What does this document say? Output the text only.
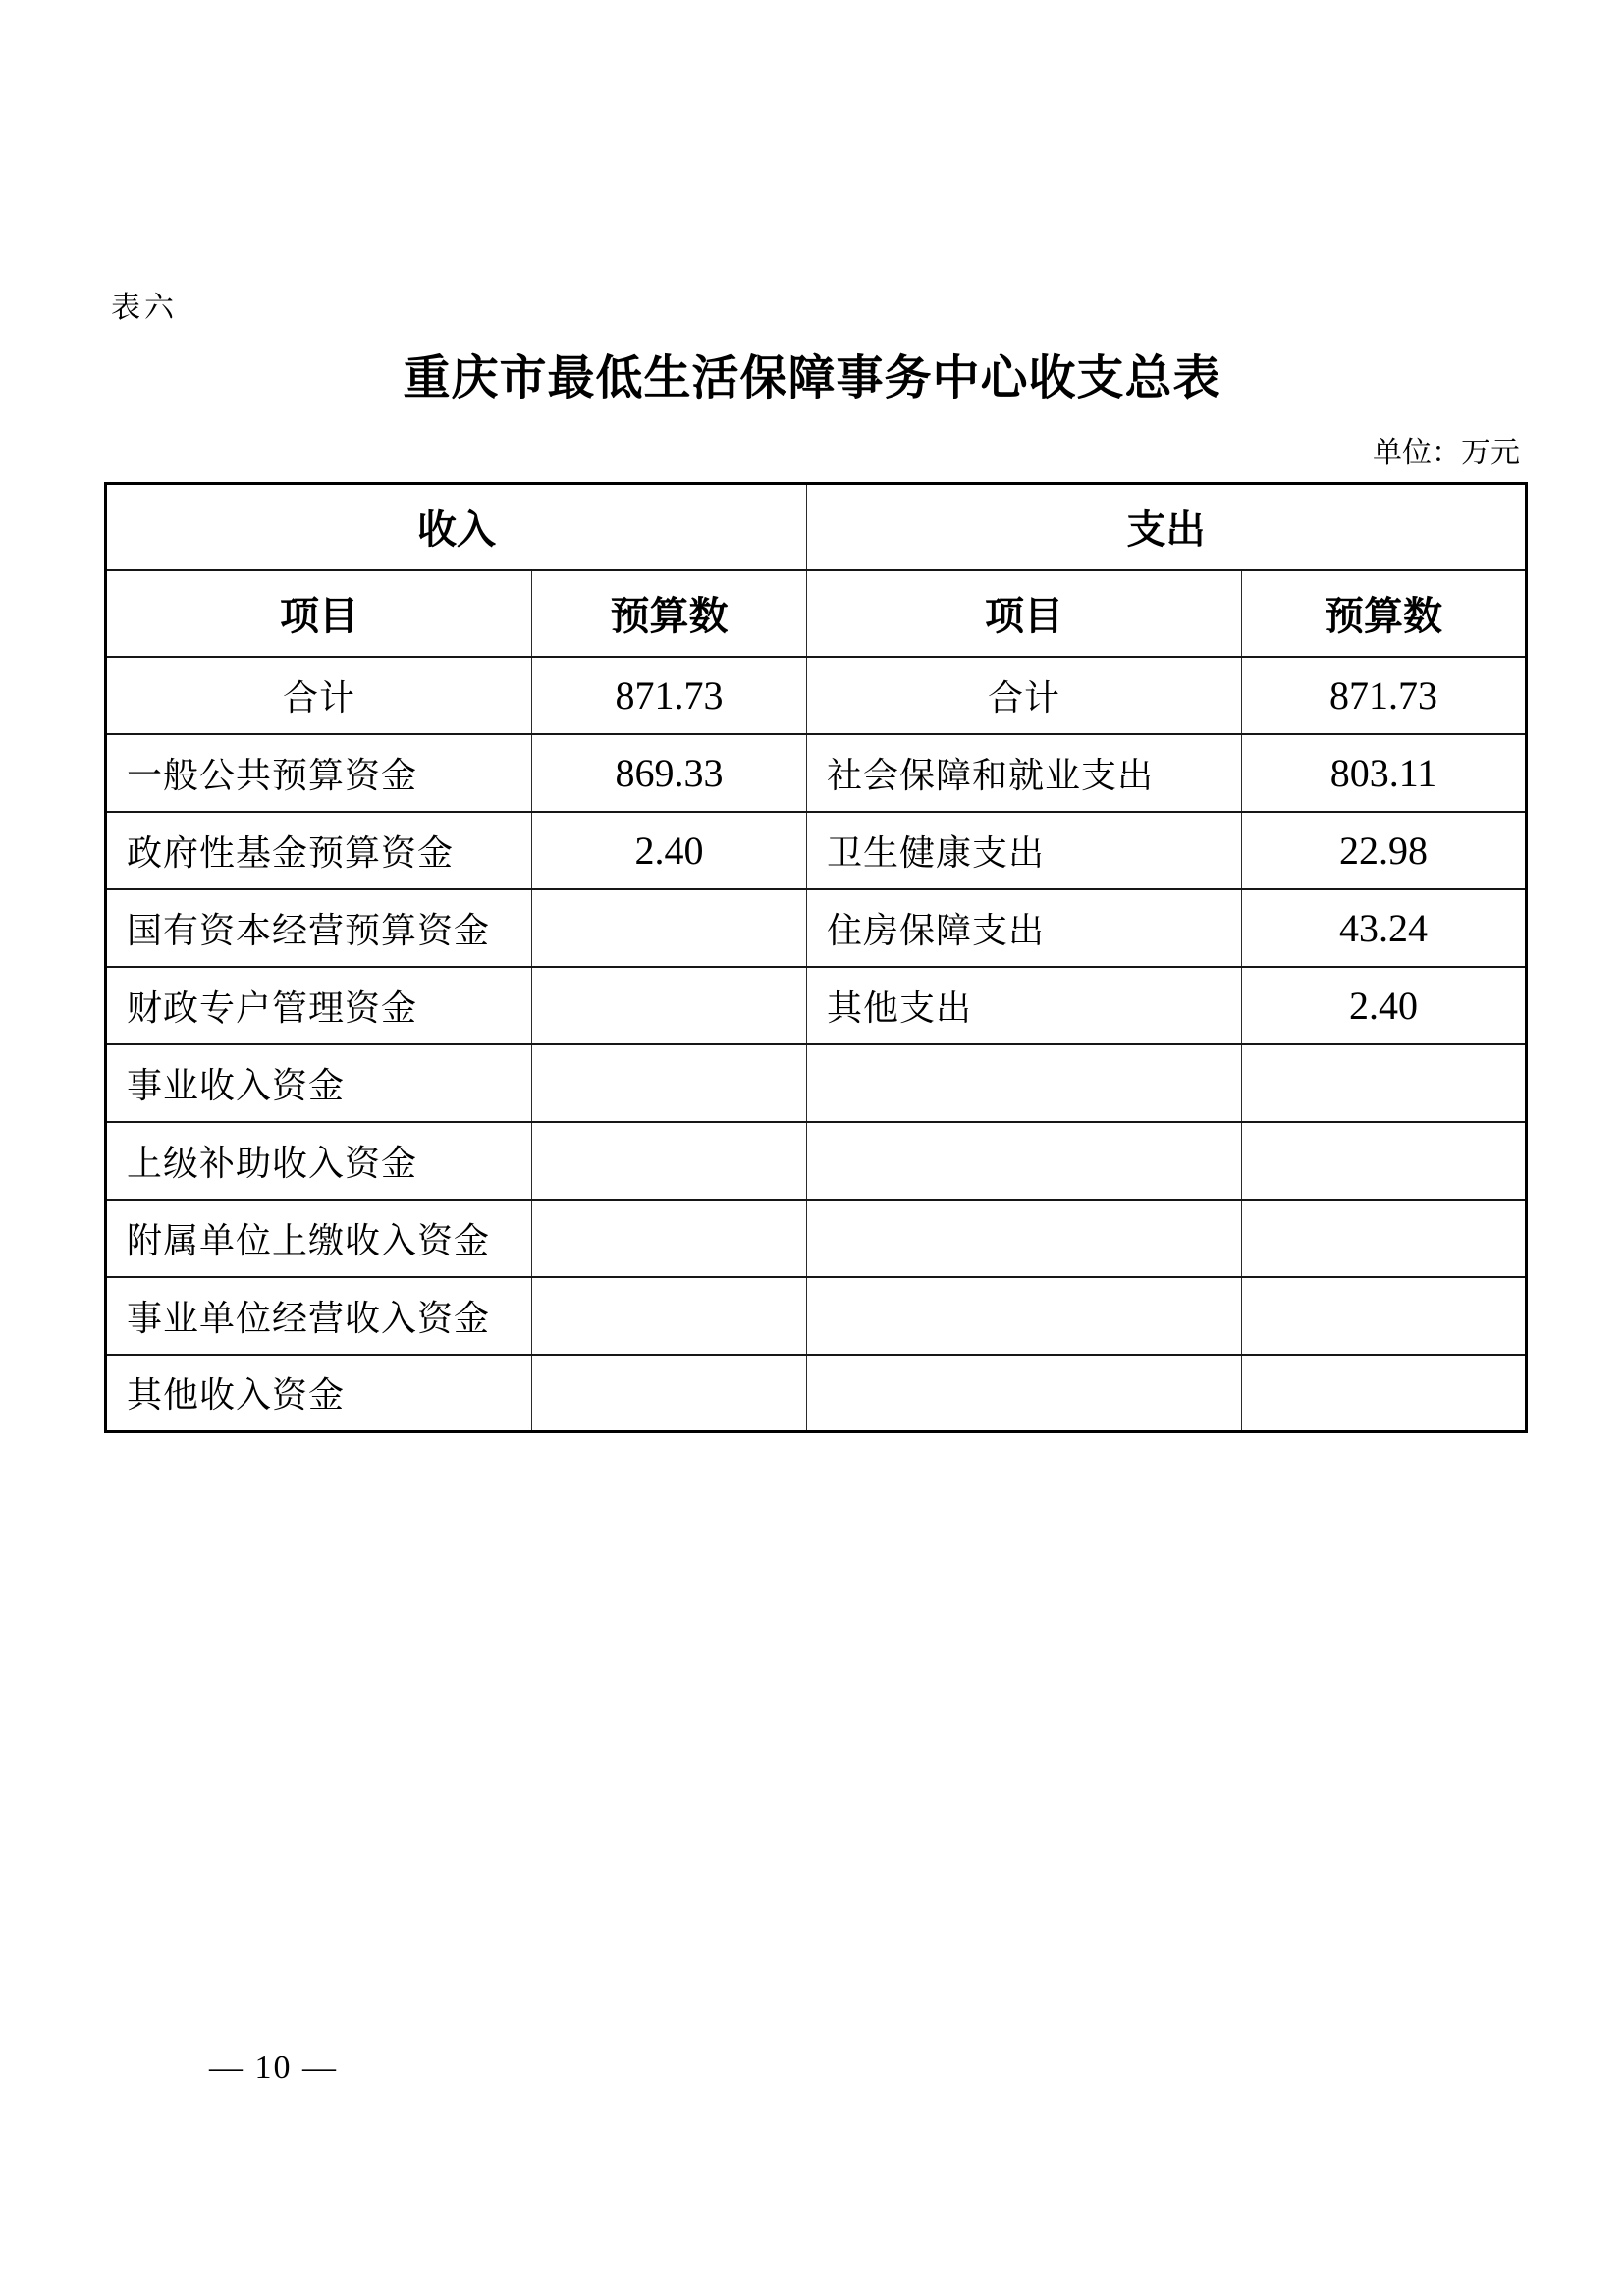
表六
重庆市最低生活保障事务中心收支总表
单位：万元
收入		支出	
项目	预算数	项目	预算数
合计	871.73	合计	871.73
一般公共预算资金	869.33	社会保障和就业支出	803.11
政府性基金预算资金	2.40	卫生健康支出	22.98
国有资本经营预算资金		住房保障支出	43.24
财政专户管理资金		其他支出	2.40
事业收入资金			
上级补助收入资金			
附属单位上缴收入资金			
事业单位经营收入资金			
其他收入资金			
— 10 —
